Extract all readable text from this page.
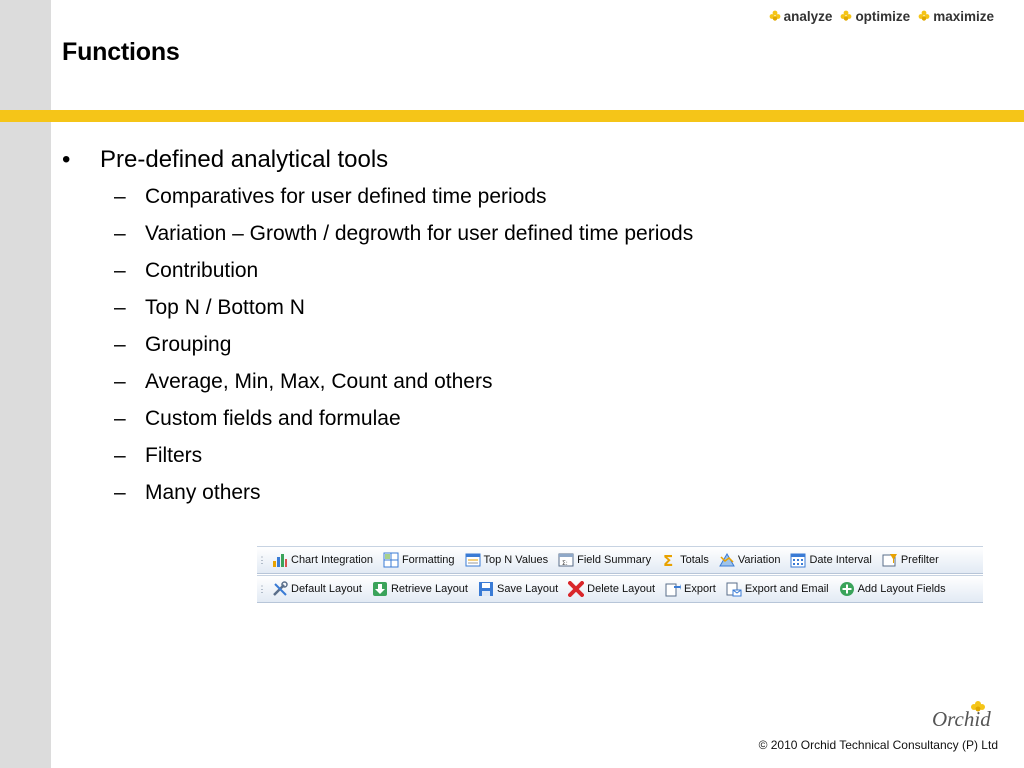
analyze optimize maximize
Functions
• Pre-defined analytical tools
– Comparatives for user defined time periods
– Variation – Growth / degrowth for user defined time periods
– Contribution
– Top N / Bottom N
– Grouping
– Average, Min, Max, Count and others
– Custom fields and formulae
– Filters
– Many others
⋮ Chart Integration	Formatting	Top N Values Σ: Field Summary Σ Totals	Variation	Date Interval	Prefilter
⋮ Default Layout	Retrieve Layout	Save Layout	Delete Layout	Export	Export and Email	Add Layout Fields
Orchid
© 2010 Orchid Technical Consultancy (P) Ltd
